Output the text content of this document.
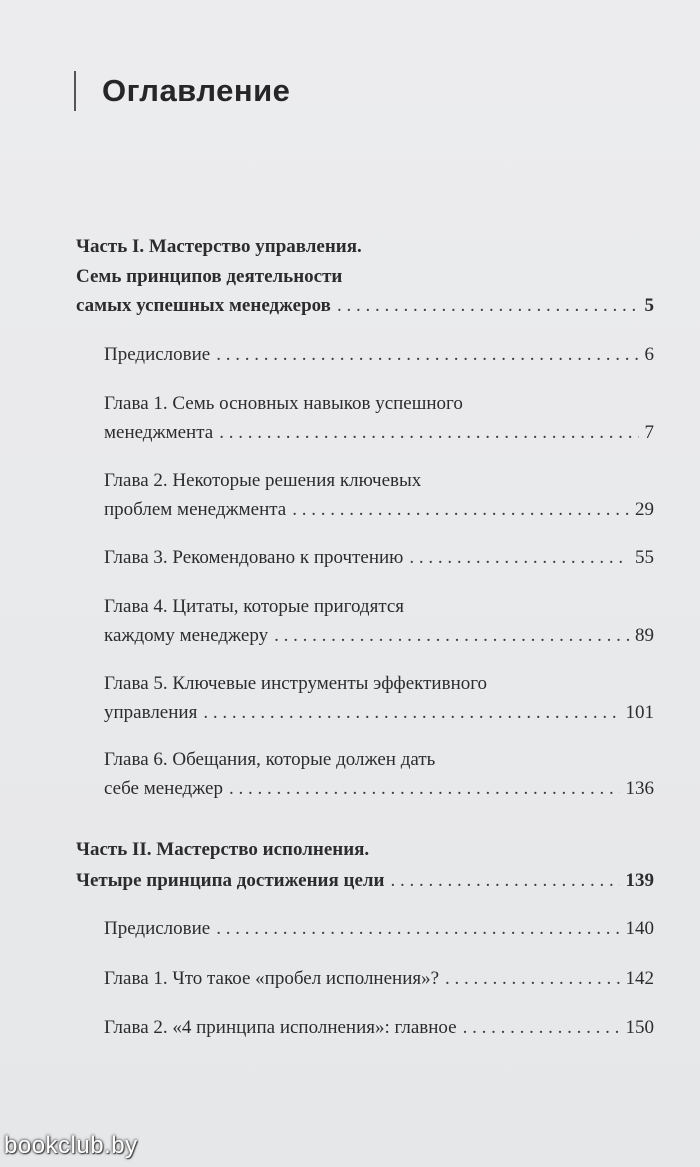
Оглавление
Часть I. Мастерство управления.
Семь принципов деятельности
самых успешных менеджеров . . .	5
Предисловие . . .	6
Глава 1. Семь основных навыков успешного
менеджмента . . .	7
Глава 2. Некоторые решения ключевых
проблем менеджмента . . .	29
Глава 3. Рекомендовано к прочтению . . .	55
Глава 4. Цитаты, которые пригодятся
каждому менеджеру . . .	89
Глава 5. Ключевые инструменты эффективного
управления . . .	101
Глава 6. Обещания, которые должен дать
себе менеджер . . .	136
Часть II. Мастерство исполнения.
Четыре принципа достижения цели . . .	139
Предисловие . . .	140
Глава 1. Что такое «пробел исполнения»? . . .	142
Глава 2. «4 принципа исполнения»: главное . . .	150
bookclub.by
